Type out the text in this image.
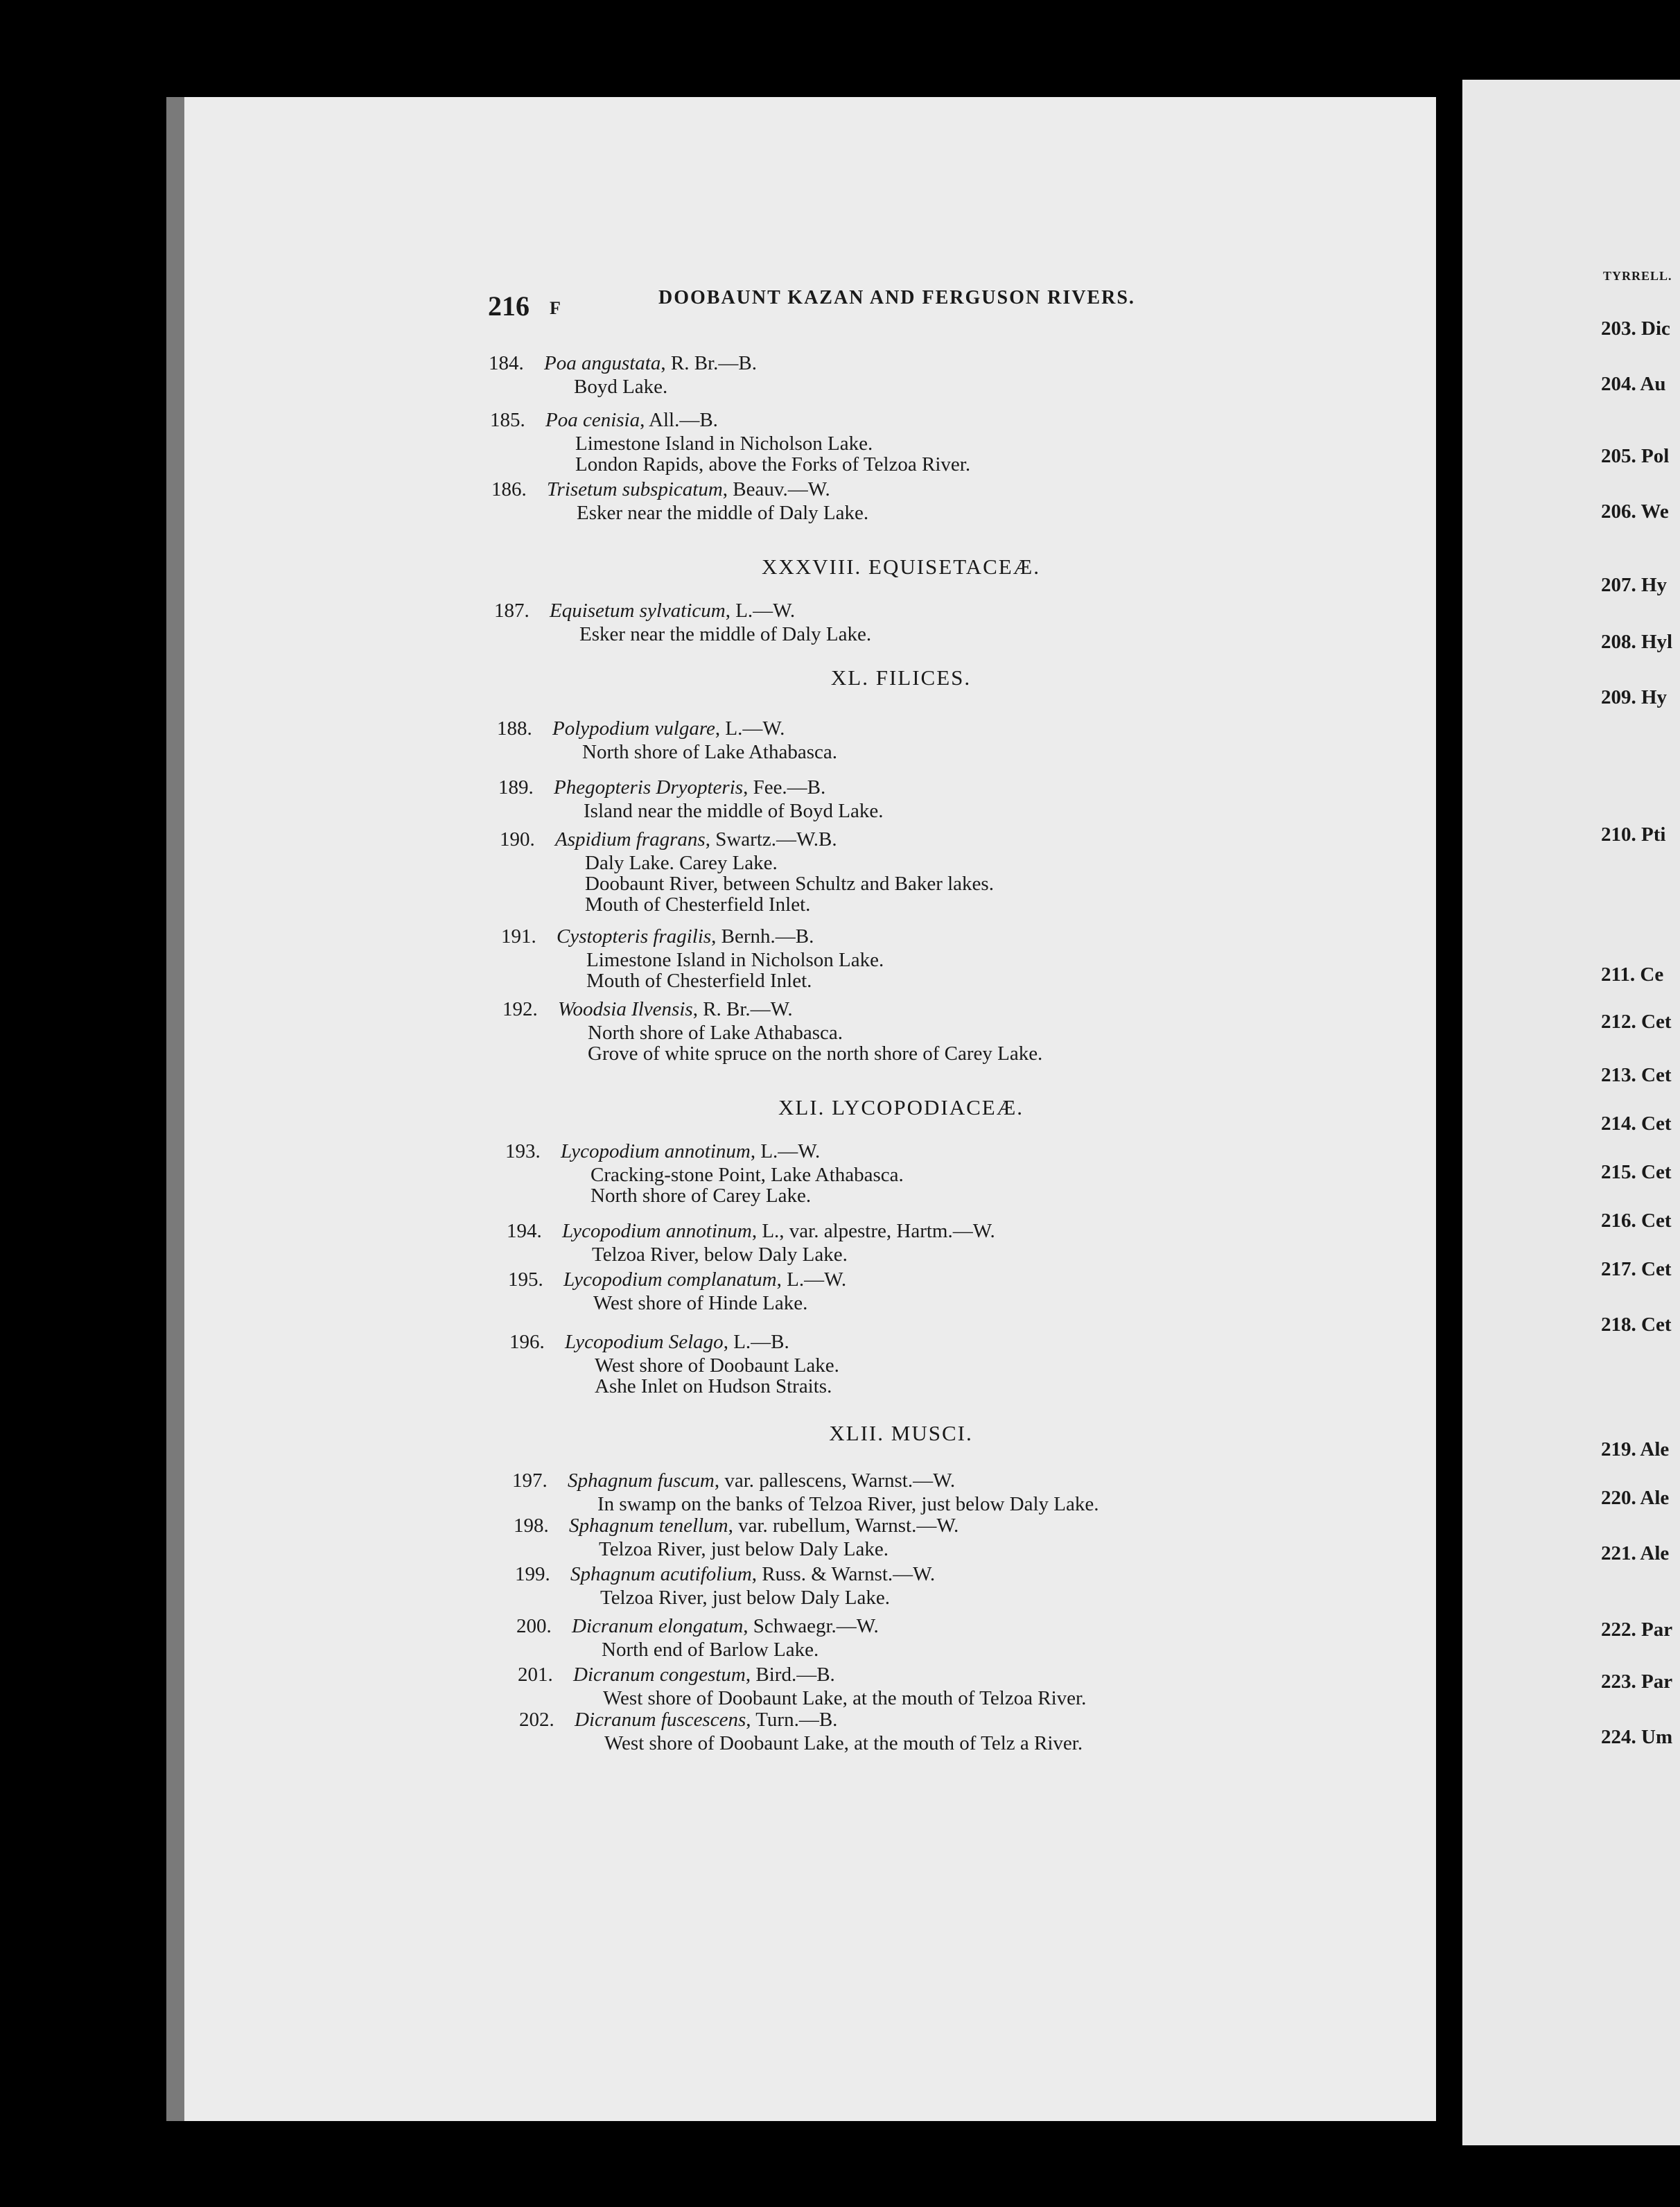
216 F	DOOBAUNT KAZAN AND FERGUSON RIVERS.
184. Poa angustata, R. Br.—B.
Boyd Lake.
185. Poa cenisia, All.—B.
Limestone Island in Nicholson Lake.
London Rapids, above the Forks of Telzoa River.
186. Trisetum subspicatum, Beauv.—W.
Esker near the middle of Daly Lake.
XXXVIII. EQUISETACEÆ.
187. Equisetum sylvaticum, L.—W.
Esker near the middle of Daly Lake.
XL. FILICES.
188. Polypodium vulgare, L.—W.
North shore of Lake Athabasca.
189. Phegopteris Dryopteris, Fee.—B.
Island near the middle of Boyd Lake.
190. Aspidium fragrans, Swartz.—W.B.
Daly Lake. Carey Lake.
Doobaunt River, between Schultz and Baker lakes.
Mouth of Chesterfield Inlet.
191. Cystopteris fragilis, Bernh.—B.
Limestone Island in Nicholson Lake.
Mouth of Chesterfield Inlet.
192. Woodsia Ilvensis, R. Br.—W.
North shore of Lake Athabasca.
Grove of white spruce on the north shore of Carey Lake.
XLI. LYCOPODIACEÆ.
193. Lycopodium annotinum, L.—W.
Cracking-stone Point, Lake Athabasca.
North shore of Carey Lake.
194. Lycopodium annotinum, L., var. alpestre, Hartm.—W.
Telzoa River, below Daly Lake.
195. Lycopodium complanatum, L.—W.
West shore of Hinde Lake.
196. Lycopodium Selago, L.—B.
West shore of Doobaunt Lake.
Ashe Inlet on Hudson Straits.
XLII. MUSCI.
197. Sphagnum fuscum, var. pallescens, Warnst.—W.
In swamp on the banks of Telzoa River, just below Daly Lake.
198. Sphagnum tenellum, var. rubellum, Warnst.—W.
Telzoa River, just below Daly Lake.
199. Sphagnum acutifolium, Russ. & Warnst.—W.
Telzoa River, just below Daly Lake.
200. Dicranum elongatum, Schwaegr.—W.
North end of Barlow Lake.
201. Dicranum congestum, Bird.—B.
West shore of Doobaunt Lake, at the mouth of Telzoa River.
202. Dicranum fuscescens, Turn.—B.
West shore of Doobaunt Lake, at the mouth of Telz a River.
203. Dic
204. Au
205. Pol
206. We
207. Hy
208. Hyl
209. Hy
210. Pti
211. Ce
212. Cet
213. Cet
214. Cet
215. Cet
216. Cet
217. Cet
218. Cet
219. Ale
220. Ale
221. Ale
222. Par
223. Par
224. Um
TYRRELL.
